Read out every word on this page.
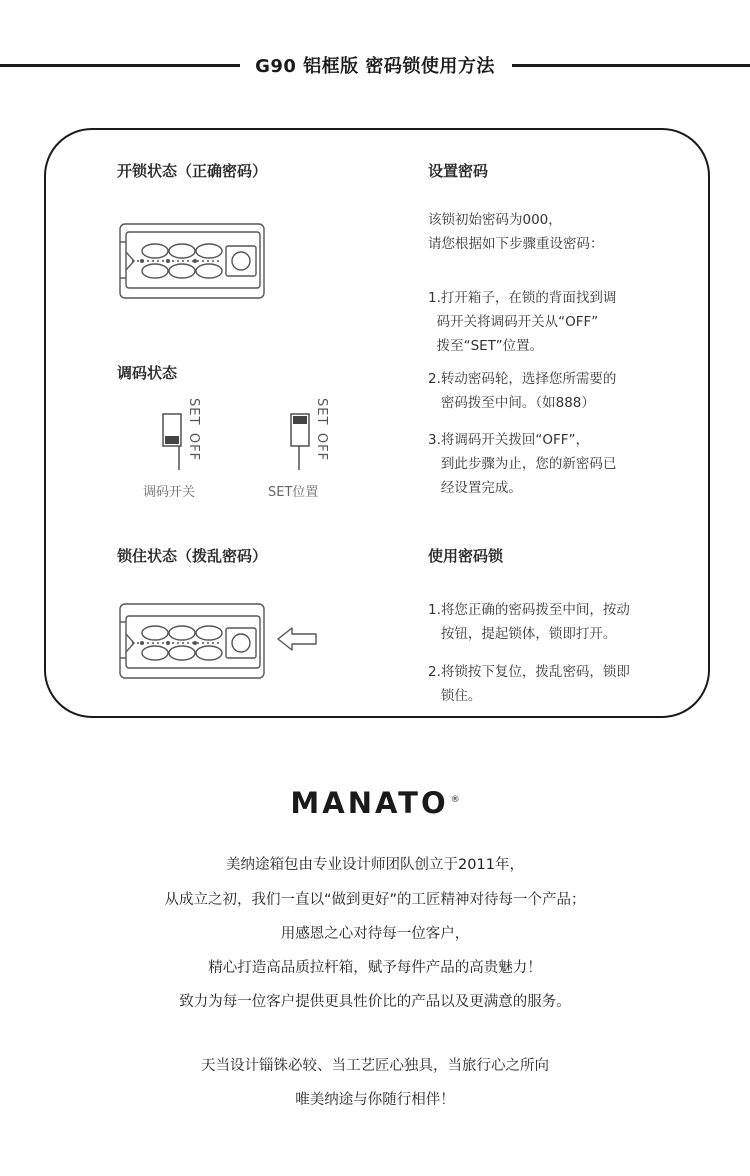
G90 铝框版 密码锁使用方法
开锁状态（正确密码）
调码状态
SET OFF
调码开关
SET OFF
SET位置
锁住状态（拨乱密码）
设置密码
该锁初始密码为000，
请您根据如下步骤重设密码：
1.打开箱子，在锁的背面找到调
码开关将调码开关从“OFF”
拨至“SET”位置。
2.转动密码轮，选择您所需要的
密码拨至中间。（如888）
3.将调码开关拨回“OFF”，
到此步骤为止，您的新密码已
经设置完成。
使用密码锁
1.将您正确的密码拨至中间，按动
按钮，提起锁体，锁即打开。
2.将锁按下复位，拨乱密码，锁即
锁住。
MANATO ®
美纳途箱包由专业设计师团队创立于2011年，
从成立之初，我们一直以“做到更好”的工匠精神对待每一个产品；
用感恩之心对待每一位客户，
精心打造高品质拉杆箱，赋予每件产品的高贵魅力！
致力为每一位客户提供更具性价比的产品以及更满意的服务。
天当设计锱铢必较、当工艺匠心独具，当旅行心之所向
唯美纳途与你随行相伴！
